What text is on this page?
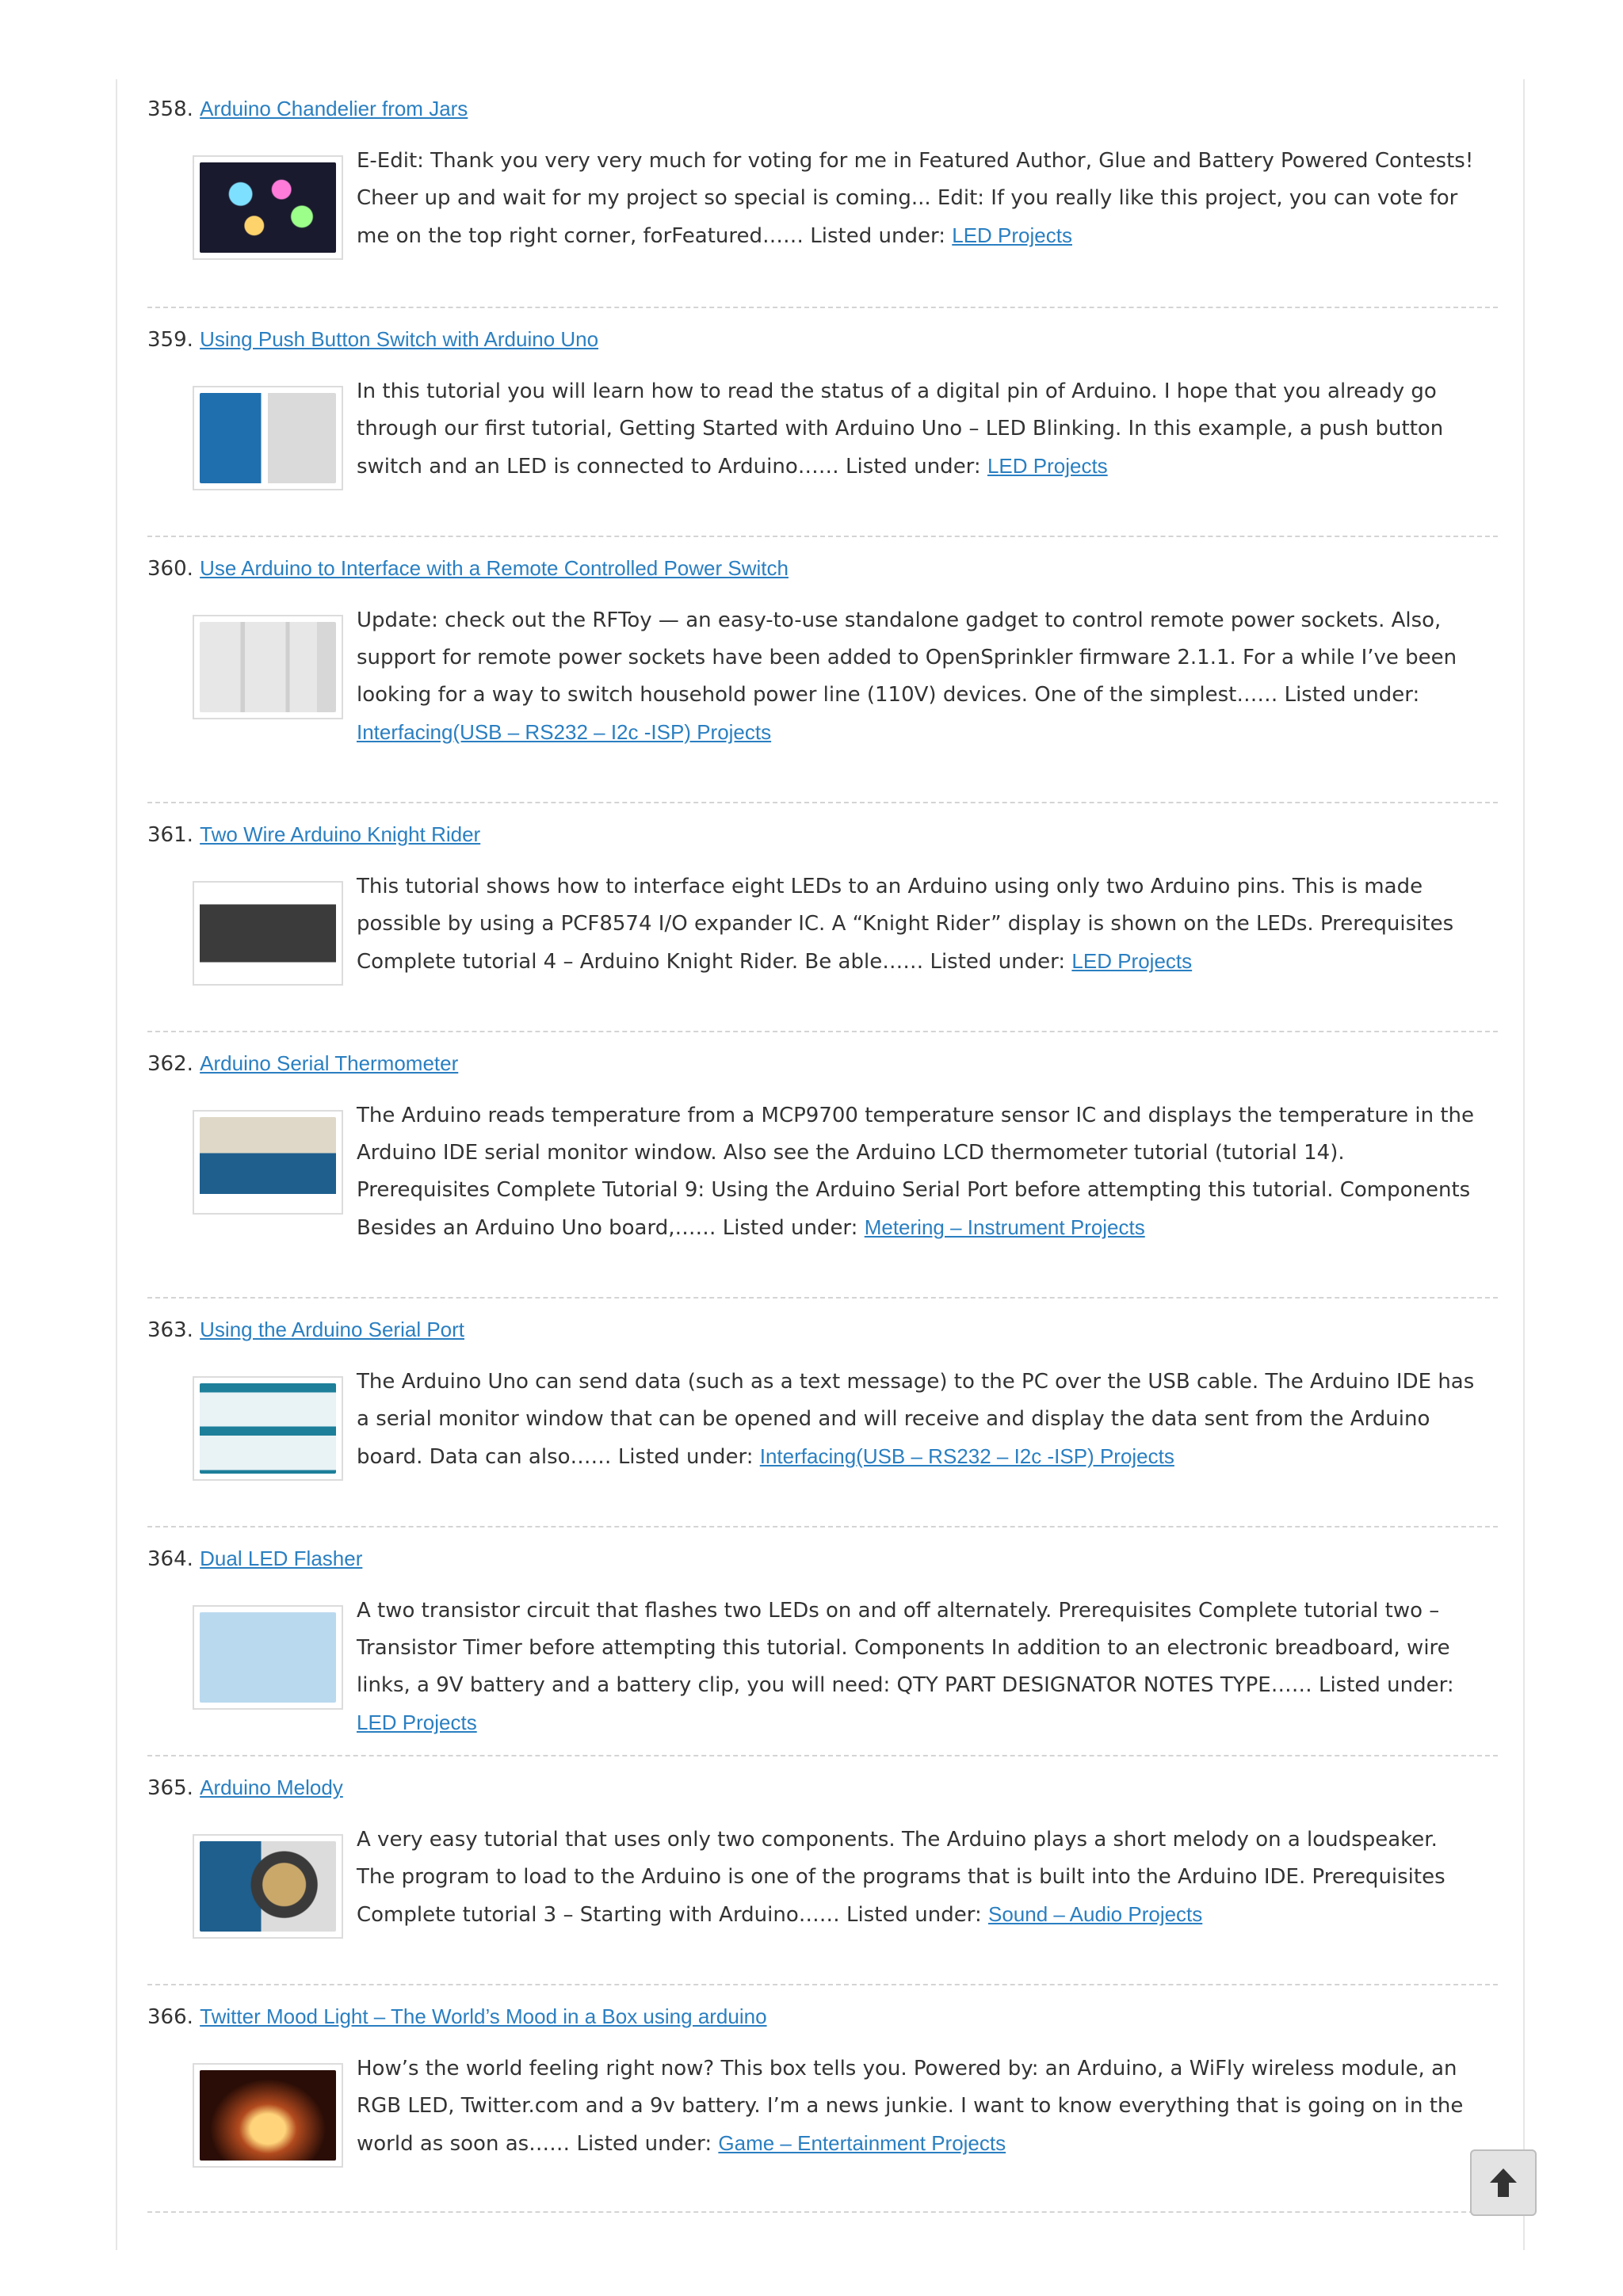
358. Arduino Chandelier from Jars

E-Edit: Thank you very very much for voting for me in Featured Author, Glue and Battery Powered Contests! Cheer up and wait for my project so special is coming... Edit: If you really like this project, you can vote for me on the top right corner, forFeatured…… Listed under: LED Projects

359. Using Push Button Switch with Arduino Uno

In this tutorial you will learn how to read the status of a digital pin of Arduino. I hope that you already go through our first tutorial, Getting Started with Arduino Uno – LED Blinking. In this example, a push button switch and an LED is connected to Arduino…… Listed under: LED Projects

360. Use Arduino to Interface with a Remote Controlled Power Switch

Update: check out the RFToy — an easy-to-use standalone gadget to control remote power sockets. Also, support for remote power sockets have been added to OpenSprinkler firmware 2.1.1. For a while I’ve been looking for a way to switch household power line (110V) devices. One of the simplest…… Listed under: Interfacing(USB – RS232 – I2c -ISP) Projects

361. Two Wire Arduino Knight Rider

This tutorial shows how to interface eight LEDs to an Arduino using only two Arduino pins. This is made possible by using a PCF8574 I/O expander IC. A “Knight Rider” display is shown on the LEDs. Prerequisites Complete tutorial 4 – Arduino Knight Rider. Be able…… Listed under: LED Projects

362. Arduino Serial Thermometer

The Arduino reads temperature from a MCP9700 temperature sensor IC and displays the temperature in the Arduino IDE serial monitor window. Also see the Arduino LCD thermometer tutorial (tutorial 14). Prerequisites Complete Tutorial 9: Using the Arduino Serial Port before attempting this tutorial. Components Besides an Arduino Uno board,…… Listed under: Metering – Instrument Projects

363. Using the Arduino Serial Port

The Arduino Uno can send data (such as a text message) to the PC over the USB cable. The Arduino IDE has a serial monitor window that can be opened and will receive and display the data sent from the Arduino board. Data can also…… Listed under: Interfacing(USB – RS232 – I2c -ISP) Projects

364. Dual LED Flasher

A two transistor circuit that flashes two LEDs on and off alternately. Prerequisites Complete tutorial two – Transistor Timer before attempting this tutorial. Components In addition to an electronic breadboard, wire links, a 9V battery and a battery clip, you will need: QTY PART DESIGNATOR NOTES TYPE…… Listed under: LED Projects

365. Arduino Melody

A very easy tutorial that uses only two components. The Arduino plays a short melody on a loudspeaker. The program to load to the Arduino is one of the programs that is built into the Arduino IDE. Prerequisites Complete tutorial 3 – Starting with Arduino…… Listed under: Sound – Audio Projects

366. Twitter Mood Light – The World’s Mood in a Box using arduino

How’s the world feeling right now? This box tells you. Powered by: an Arduino, a WiFly wireless module, an RGB LED, Twitter.com and a 9v battery. I’m a news junkie. I want to know everything that is going on in the world as soon as…… Listed under: Game – Entertainment Projects
